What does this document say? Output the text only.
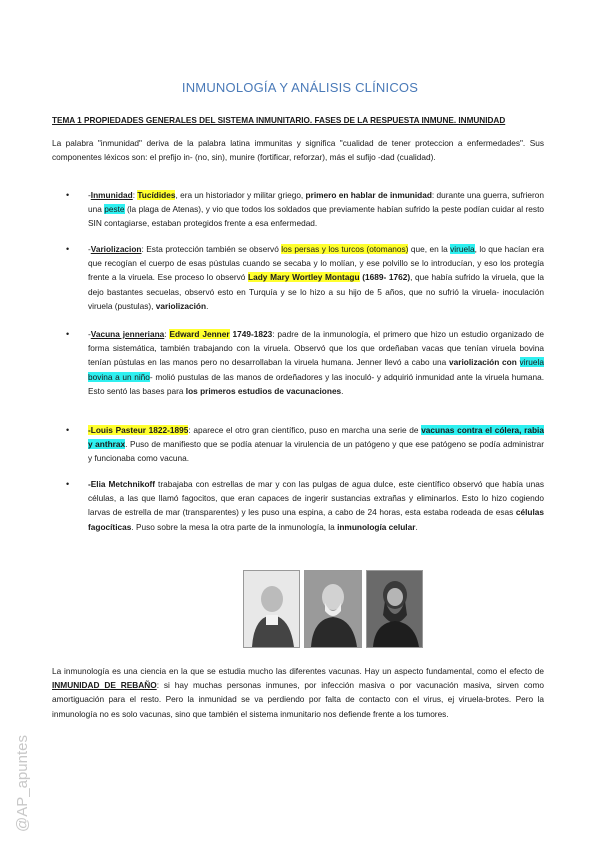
INMUNOLOGÍA Y ANÁLISIS CLÍNICOS
TEMA 1 PROPIEDADES GENERALES DEL SISTEMA INMUNITARIO. FASES DE LA RESPUESTA INMUNE. INMUNIDAD
La palabra "inmunidad" deriva de la palabra latina immunitas y significa "cualidad de tener proteccion a enfermedades". Sus componentes léxicos son: el prefijo in- (no, sin), munire (fortificar, reforzar), más el sufijo -dad (cualidad).
• -Inmunidad: Tucídides, era un historiador y militar griego, primero en hablar de inmunidad: durante una guerra, sufrieron una peste (la plaga de Atenas), y vio que todos los soldados que previamente habían sufrido la peste podían cuidar al resto SIN contagiarse, estaban protegidos frente a esa enfermedad.
• -Variolizacion: Esta protección también se observó los persas y los turcos (otomanos) que, en la viruela, lo que hacían era que recogían el cuerpo de esas pústulas cuando se secaba y lo molían, y ese polvillo se lo introducían, y eso los protegía frente a la viruela. Ese proceso lo observó Lady Mary Wortley Montagu (1689- 1762), que había sufrido la viruela, que la dejo bastantes secuelas, observó esto en Turquía y se lo hizo a su hijo de 5 años, que no sufrió la viruela- inoculación viruela (pustulas), variolización.
• -Vacuna jenneriana: Edward Jenner 1749-1823: padre de la inmunología, el primero que hizo un estudio organizado de forma sistemática, también trabajando con la viruela. Observó que los que ordeñaban vacas que tenían viruela bovina tenían pústulas en las manos pero no desarrollaban la viruela humana. Jenner llevó a cabo una variolización con viruela bovina a un niño- molió pustulas de las manos de ordeñadores y las inoculó- y adquirió inmunidad ante la viruela humana. Esto sentó las bases para los primeros estudios de vacunaciones.
• -Louis Pasteur 1822-1895: aparece el otro gran científico, puso en marcha una serie de vacunas contra el cólera, rabia y anthrax. Puso de manifiesto que se podía atenuar la virulencia de un patógeno y que ese patógeno se podía administrar y funcionaba como vacuna.
• -Elia Metchnikoff trabajaba con estrellas de mar y con las pulgas de agua dulce, este científico observó que había unas células, a las que llamó fagocitos, que eran capaces de ingerir sustancias extrañas y eliminarlos. Esto lo hizo cogiendo larvas de estrella de mar (transparentes) y les puso una espina, a cabo de 24 horas, esta estaba rodeada de esas células fagocíticas. Puso sobre la mesa la otra parte de la inmunología, la inmunología celular.
La inmunología es una ciencia en la que se estudia mucho las diferentes vacunas. Hay un aspecto fundamental, como el efecto de INMUNIDAD DE REBAÑO: si hay muchas personas inmunes, por infección masiva o por vacunación masiva, sirven como amortiguación para el resto. Pero la inmunidad se va perdiendo por falta de contacto con el virus, ej viruela-brotes. Pero la inmunología no es solo vacunas, sino que también el sistema inmunitario nos defiende frente a los tumores.
@AP_apuntes
